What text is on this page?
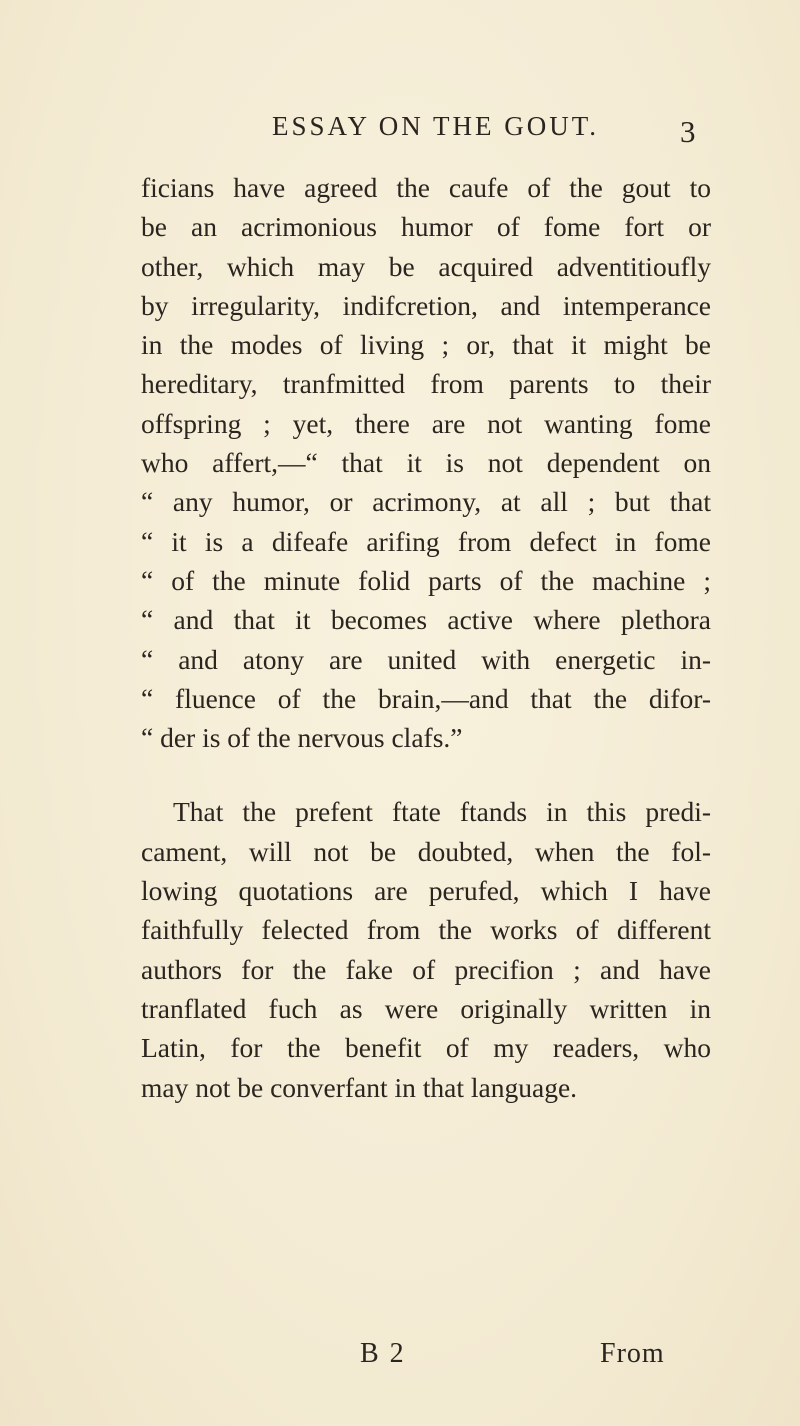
ESSAY ON THE GOUT.	3
ficians have agreed the caufe of the gout to
be an acrimonious humor of fome fort or
other, which may be acquired adventitioufly
by irregularity, indifcretion, and intemperance
in the modes of living ; or, that it might be
hereditary, tranfmitted from parents to their
offspring ; yet, there are not wanting fome
who affert,—“ that it is not dependent on
“ any humor, or acrimony, at all ; but that
“ it is a difeafe arifing from defect in fome
“ of the minute folid parts of the machine ;
“ and that it becomes active where plethora
“ and atony are united with energetic in-
“ fluence of the brain,—and that the difor-
“ der is of the nervous clafs.”
That the prefent ftate ftands in this predi-
cament, will not be doubted, when the fol-
lowing quotations are perufed, which I have
faithfully felected from the works of different
authors for the fake of precifion ; and have
tranflated fuch as were originally written in
Latin, for the benefit of my readers, who
may not be converfant in that language.
B 2	From
